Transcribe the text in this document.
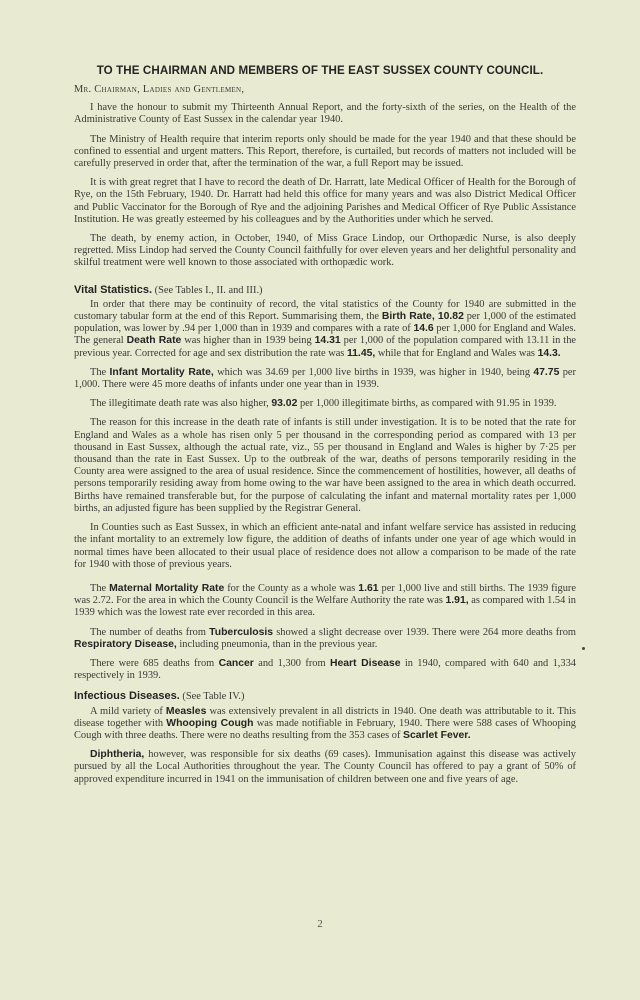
TO THE CHAIRMAN AND MEMBERS OF THE EAST SUSSEX COUNTY COUNCIL.

Mr. Chairman, Ladies and Gentlemen,

I have the honour to submit my Thirteenth Annual Report, and the forty-sixth of the series, on the Health of the Administrative County of East Sussex in the calendar year 1940.

The Ministry of Health require that interim reports only should be made for the year 1940 and that these should be confined to essential and urgent matters. This Report, therefore, is curtailed, but records of matters not included will be carefully preserved in order that, after the termination of the war, a full Report may be issued.

It is with great regret that I have to record the death of Dr. Harratt, late Medical Officer of Health for the Borough of Rye, on the 15th February, 1940. Dr. Harratt had held this office for many years and was also District Medical Officer and Public Vaccinator for the Borough of Rye and the adjoining Parishes and Medical Officer of Rye Public Assistance Institution. He was greatly esteemed by his colleagues and by the Authorities under which he served.

The death, by enemy action, in October, 1940, of Miss Grace Lindop, our Orthopædic Nurse, is also deeply regretted. Miss Lindop had served the County Council faithfully for over eleven years and her delightful personality and skilful treatment were well known to those associated with orthopædic work.

Vital Statistics. (See Tables I., II. and III.)

In order that there may be continuity of record, the vital statistics of the County for 1940 are submitted in the customary tabular form at the end of this Report. Summarising them, the Birth Rate, 10.82 per 1,000 of the estimated population, was lower by .94 per 1,000 than in 1939 and compares with a rate of 14.6 per 1,000 for England and Wales. The general Death Rate was higher than in 1939 being 14.31 per 1,000 of the population compared with 13.11 in the previous year. Corrected for age and sex distribution the rate was 11.45, while that for England and Wales was 14.3.

The Infant Mortality Rate, which was 34.69 per 1,000 live births in 1939, was higher in 1940, being 47.75 per 1,000. There were 45 more deaths of infants under one year than in 1939.

The illegitimate death rate was also higher, 93.02 per 1,000 illegitimate births, as compared with 91.95 in 1939.

The reason for this increase in the death rate of infants is still under investigation. It is to be noted that the rate for England and Wales as a whole has risen only 5 per thousand in the corresponding period as compared with 13 per thousand in East Sussex, although the actual rate, viz., 55 per thousand in England and Wales is higher by 7·25 per thousand than the rate in East Sussex. Up to the outbreak of the war, deaths of persons temporarily residing in the County area were assigned to the area of usual residence. Since the commencement of hostilities, however, all deaths of persons temporarily residing away from home owing to the war have been assigned to the area in which death occurred. Births have remained transferable but, for the purpose of calculating the infant and maternal mortality rates per 1,000 births, an adjusted figure has been supplied by the Registrar General.

In Counties such as East Sussex, in which an efficient ante-natal and infant welfare service has assisted in reducing the infant mortality to an extremely low figure, the addition of deaths of infants under one year of age which would in normal times have been allocated to their usual place of residence does not allow a comparison to be made of the rate for 1940 with those of previous years.

The Maternal Mortality Rate for the County as a whole was 1.61 per 1,000 live and still births. The 1939 figure was 2.72. For the area in which the County Council is the Welfare Authority the rate was 1.91, as compared with 1.54 in 1939 which was the lowest rate ever recorded in this area.

The number of deaths from Tuberculosis showed a slight decrease over 1939. There were 264 more deaths from Respiratory Disease, including pneumonia, than in the previous year.

There were 685 deaths from Cancer and 1,300 from Heart Disease in 1940, compared with 640 and 1,334 respectively in 1939.

Infectious Diseases. (See Table IV.)

A mild variety of Measles was extensively prevalent in all districts in 1940. One death was attributable to it. This disease together with Whooping Cough was made notifiable in February, 1940. There were 588 cases of Whooping Cough with three deaths. There were no deaths resulting from the 353 cases of Scarlet Fever.

Diphtheria, however, was responsible for six deaths (69 cases). Immunisation against this disease was actively pursued by all the Local Authorities throughout the year. The County Council has offered to pay a grant of 50% of approved expenditure incurred in 1941 on the immunisation of children between one and five years of age.

2
